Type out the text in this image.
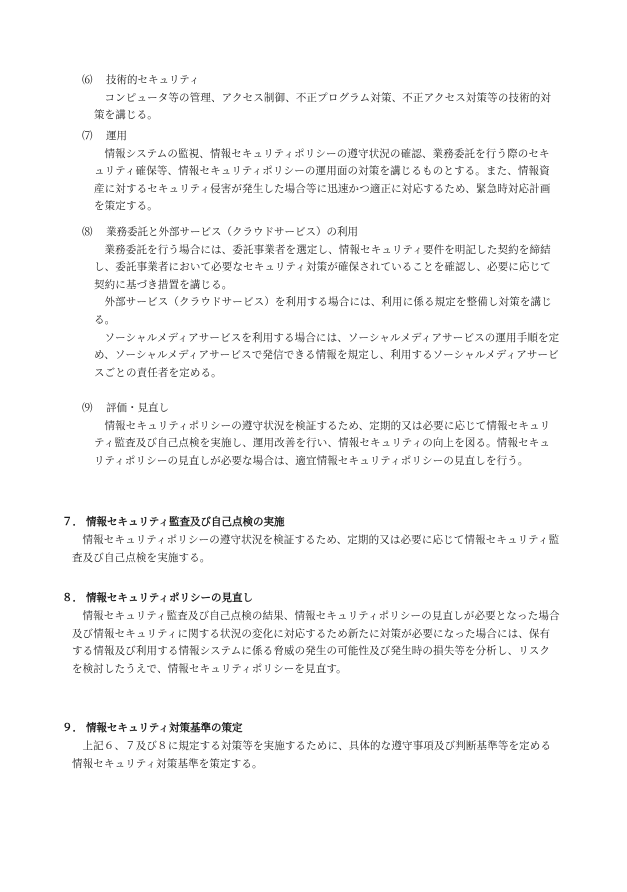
⑹	技術的セキュリティ

コンピュータ等の管理、アクセス制御、不正プログラム対策、不正アクセス対策等の技術的対策を講じる。

⑺	運用

情報システムの監視、情報セキュリティポリシーの遵守状況の確認、業務委託を行う際のセキュリティ確保等、情報セキュリティポリシーの運用面の対策を講じるものとする。また、情報資産に対するセキュリティ侵害が発生した場合等に迅速かつ適正に対応するため、緊急時対応計画を策定する。

⑻	業務委託と外部サービス（クラウドサービス）の利用

業務委託を行う場合には、委託事業者を選定し、情報セキュリティ要件を明記した契約を締結し、委託事業者において必要なセキュリティ対策が確保されていることを確認し、必要に応じて契約に基づき措置を講じる。

外部サービス（クラウドサービス）を利用する場合には、利用に係る規定を整備し対策を講じる。

ソーシャルメディアサービスを利用する場合には、ソーシャルメディアサービスの運用手順を定め、ソーシャルメディアサービスで発信できる情報を規定し、利用するソーシャルメディアサービスごとの責任者を定める。

⑼	評価・見直し

情報セキュリティポリシーの遵守状況を検証するため、定期的又は必要に応じて情報セキュリティ監査及び自己点検を実施し、運用改善を行い、情報セキュリティの向上を図る。情報セキュリティポリシーの見直しが必要な場合は、適宜情報セキュリティポリシーの見直しを行う。

７． 情報セキュリティ監査及び自己点検の実施

情報セキュリティポリシーの遵守状況を検証するため、定期的又は必要に応じて情報セキュリティ監査及び自己点検を実施する。

８． 情報セキュリティポリシーの見直し

情報セキュリティ監査及び自己点検の結果、情報セキュリティポリシーの見直しが必要となった場合及び情報セキュリティに関する状況の変化に対応するため新たに対策が必要になった場合には、保有する情報及び利用する情報システムに係る脅威の発生の可能性及び発生時の損失等を分析し、リスクを検討したうえで、情報セキュリティポリシーを見直す。

９． 情報セキュリティ対策基準の策定

上記６、７及び８に規定する対策等を実施するために、具体的な遵守事項及び判断基準等を定める情報セキュリティ対策基準を策定する。
